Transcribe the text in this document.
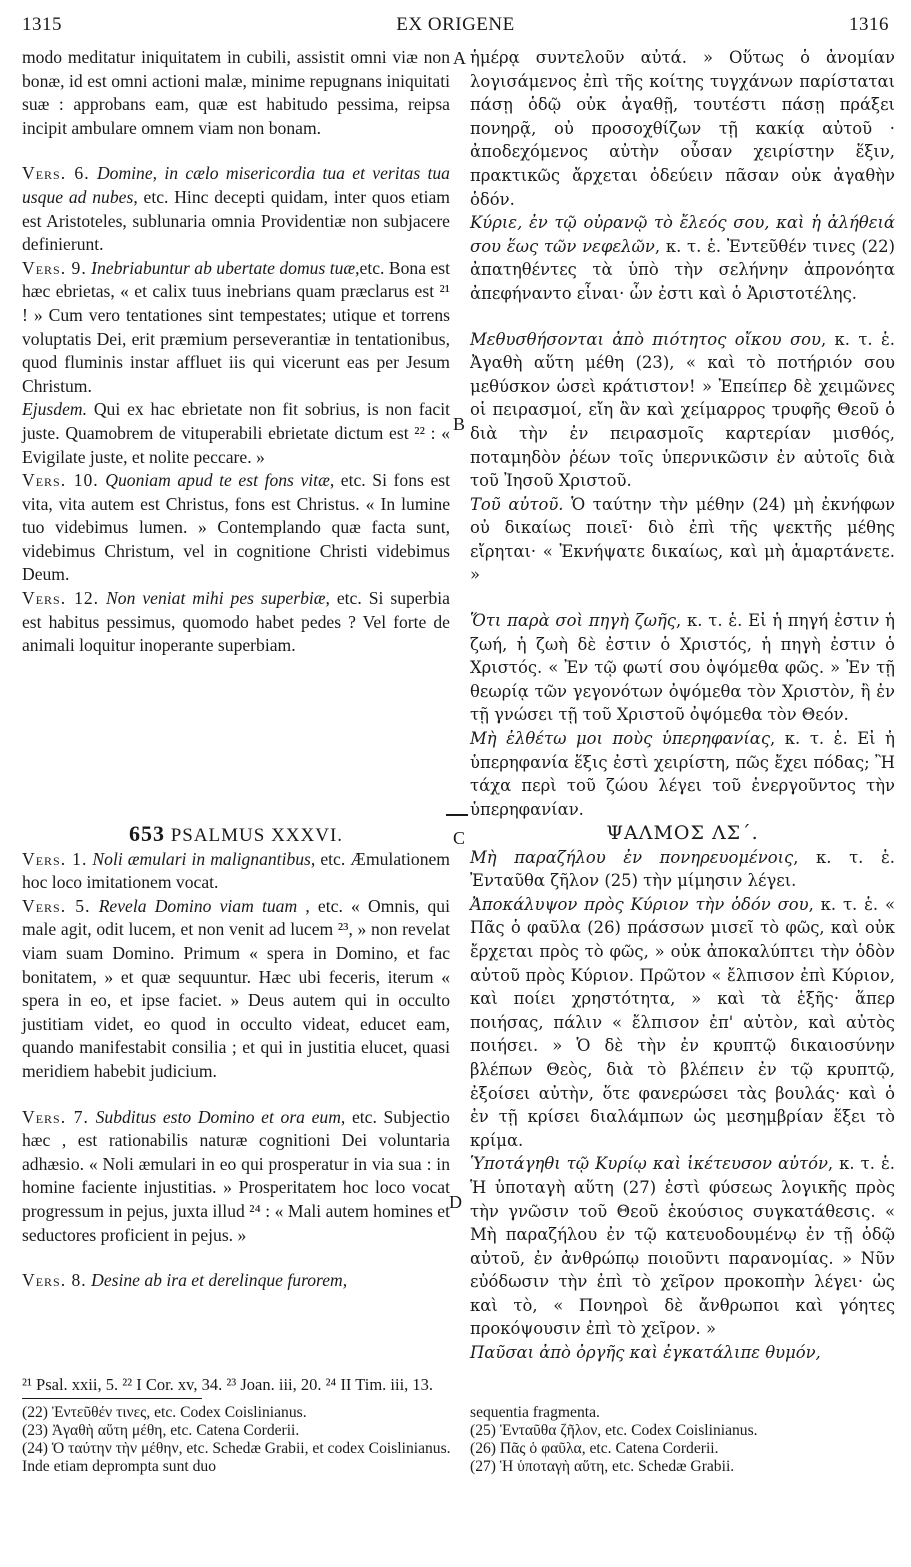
1315	EX ORIGENE	1316
A
B
C
D

modo meditatur iniquitatem in cubili, assistit omni viæ non bonæ, id est omni actioni malæ, minime repugnans iniquitati suæ : approbans eam, quæ est habitudo pessima, reipsa incipit ambulare omnem viam non bonam.

Vers. 6. Domine, in cælo misericordia tua et veritas tua usque ad nubes, etc. Hinc decepti quidam, inter quos etiam est Aristoteles, sublunaria omnia Providentiæ non subjacere definierunt.

Vers. 9. Inebriabuntur ab ubertate domus tuæ,etc. Bona est hæc ebrietas, « et calix tuus inebrians quam præclarus est ²¹ ! » Cum vero tentationes sint tempestates; utique et torrens voluptatis Dei, erit præmium perseverantiæ in tentationibus, quod fluminis instar affluet iis qui vicerunt eas per Jesum Christum.

Ejusdem. Qui ex hac ebrietate non fit sobrius, is non facit juste. Quamobrem de vituperabili ebrietate dictum est ²² : « Evigilate juste, et nolite peccare. »

Vers. 10. Quoniam apud te est fons vitæ, etc. Si fons est vita, vita autem est Christus, fons est Christus. « In lumine tuo videbimus lumen. » Contemplando quæ facta sunt, videbimus Christum, vel in cognitione Christi videbimus Deum.

Vers. 12. Non veniat mihi pes superbiæ, etc. Si superbia est habitus pessimus, quomodo habet pedes ? Vel forte de animali loquitur inoperante superbiam.

653 PSALMUS XXXVI.

Vers. 1. Noli æmulari in malignantibus, etc. Æmulationem hoc loco imitationem vocat.

Vers. 5. Revela Domino viam tuam , etc. « Omnis, qui male agit, odit lucem, et non venit ad lucem ²³, » non revelat viam suam Domino. Primum « spera in Domino, et fac bonitatem, » et quæ sequuntur. Hæc ubi feceris, iterum « spera in eo, et ipse faciet. » Deus autem qui in occulto justitiam videt, eo quod in occulto videat, educet eam, quando manifestabit consilia ; et qui in justitia elucet, quasi meridiem habebit judicium.

Vers. 7. Subditus esto Domino et ora eum, etc. Subjectio hæc , est rationabilis naturæ cognitioni Dei voluntaria adhæsio. « Noli æmulari in eo qui prosperatur in via sua : in homine faciente injustitias. » Prosperitatem hoc loco vocat progressum in pejus, juxta illud ²⁴ : « Mali autem homines et seductores proficient in pejus. »

Vers. 8. Desine ab ira et derelinque furorem,

ἡμέρᾳ συντελοῦν αὐτά. » Οὕτως ὁ ἀνομίαν λογισάμενος ἐπὶ τῆς κοίτης τυγχάνων παρίσταται πάσῃ ὁδῷ οὐκ ἀγαθῇ, τουτέστι πάσῃ πράξει πονηρᾷ, οὐ προσοχθίζων τῇ κακίᾳ αὐτοῦ · ἀποδεχόμενος αὐτὴν οὖσαν χειρίστην ἕξιν, πρακτικῶς ἄρχεται ὁδεύειν πᾶσαν οὐκ ἀγαθὴν ὁδόν.

Κύριε, ἐν τῷ οὐρανῷ τὸ ἔλεός σου, καὶ ἡ ἀλήθειά σου ἕως τῶν νεφελῶν, κ. τ. ἑ. Ἐντεῦθέν τινες (22) ἀπατηθέντες τὰ ὑπὸ τὴν σελήνην ἀπρονόητα ἀπεφήναντο εἶναι· ὧν ἐστι καὶ ὁ Ἀριστοτέλης.

Μεθυσθήσονται ἀπὸ πιότητος οἴκου σου, κ. τ. ἑ. Ἀγαθὴ αὕτη μέθη (23), « καὶ τὸ ποτήριόν σου μεθύσκον ὡσεὶ κράτιστον! » Ἐπείπερ δὲ χειμῶνες οἱ πειρασμοί, εἴη ἂν καὶ χείμαρρος τρυφῆς Θεοῦ ὁ διὰ τὴν ἐν πειρασμοῖς καρτερίαν μισθός, ποταμηδὸν ῥέων τοῖς ὑπερνικῶσιν ἐν αὐτοῖς διὰ τοῦ Ἰησοῦ Χριστοῦ.

Τοῦ αὐτοῦ. Ὁ ταύτην τὴν μέθην (24) μὴ ἐκνήφων οὐ δικαίως ποιεῖ· διὸ ἐπὶ τῆς ψεκτῆς μέθης εἴρηται· « Ἐκνήψατε δικαίως, καὶ μὴ ἁμαρτάνετε. »

Ὅτι παρὰ σοὶ πηγὴ ζωῆς, κ. τ. ἑ. Εἰ ἡ πηγή ἐστιν ἡ ζωή, ἡ ζωὴ δὲ ἐστιν ὁ Χριστός, ἡ πηγὴ ἐστιν ὁ Χριστός. « Ἐν τῷ φωτί σου ὀψόμεθα φῶς. » Ἐν τῇ θεωρίᾳ τῶν γεγονότων ὀψόμεθα τὸν Χριστὸν, ἢ ἐν τῇ γνώσει τῇ τοῦ Χριστοῦ ὀψόμεθα τὸν Θεόν.

Μὴ ἐλθέτω μοι ποὺς ὑπερηφανίας, κ. τ. ἑ. Εἰ ἡ ὑπερηφανία ἕξις ἐστὶ χειρίστη, πῶς ἔχει πόδας; Ἢ τάχα περὶ τοῦ ζώου λέγει τοῦ ἐνεργοῦντος τὴν ὑπερηφανίαν.

ΨΑΛΜΟΣ ΛΣ΄.

Μὴ παραζήλου ἐν πονηρευομένοις, κ. τ. ἑ. Ἐνταῦθα ζῆλον (25) τὴν μίμησιν λέγει.

Ἀποκάλυψον πρὸς Κύριον τὴν ὁδόν σου, κ. τ. ἑ. « Πᾶς ὁ φαῦλα (26) πράσσων μισεῖ τὸ φῶς, καὶ οὐκ ἔρχεται πρὸς τὸ φῶς, » οὐκ ἀποκαλύπτει τὴν ὁδὸν αὐτοῦ πρὸς Κύριον. Πρῶτον « ἔλπισον ἐπὶ Κύριον, καὶ ποίει χρηστότητα, » καὶ τὰ ἑξῆς· ἅπερ ποιήσας, πάλιν « ἔλπισον ἐπ' αὐτὸν, καὶ αὐτὸς ποιήσει. » Ὁ δὲ τὴν ἐν κρυπτῷ δικαιοσύνην βλέπων Θεὸς, διὰ τὸ βλέπειν ἐν τῷ κρυπτῷ, ἐξοίσει αὐτὴν, ὅτε φανερώσει τὰς βουλάς· καὶ ὁ ἐν τῇ κρίσει διαλάμπων ὡς μεσημβρίαν ἕξει τὸ κρίμα.

Ὑποτάγηθι τῷ Κυρίῳ καὶ ἱκέτευσον αὐτόν, κ. τ. ἑ. Ἡ ὑποταγὴ αὕτη (27) ἐστὶ φύσεως λογικῆς πρὸς τὴν γνῶσιν τοῦ Θεοῦ ἑκούσιος συγκατάθεσις. « Μὴ παραζήλου ἐν τῷ κατευοδουμένῳ ἐν τῇ ὁδῷ αὐτοῦ, ἐν ἀνθρώπῳ ποιοῦντι παρανομίας. » Νῦν εὐόδωσιν τὴν ἐπὶ τὸ χεῖρον προκοπὴν λέγει· ὡς καὶ τὸ, « Πονηροὶ δὲ ἄνθρωποι καὶ γόητες προκόψουσιν ἐπὶ τὸ χεῖρον. »

Παῦσαι ἀπὸ ὀργῆς καὶ ἐγκατάλιπε θυμόν,

²¹ Psal. xxii, 5. ²² I Cor. xv, 34. ²³ Joan. iii, 20. ²⁴ II Tim. iii, 13.

(22) Ἐντεῦθέν τινες, etc. Codex Coislinianus.

(23) Ἀγαθὴ αὕτη μέθη, etc. Catena Corderii.

(24) Ὁ ταύτην τὴν μέθην, etc. Schedæ Grabii, et codex Coislinianus. Inde etiam deprompta sunt duo

sequentia fragmenta.

(25) Ἐνταῦθα ζῆλον, etc. Codex Coislinianus.

(26) Πᾶς ὁ φαῦλα, etc. Catena Corderii.

(27) Ἡ ὑποταγὴ αὕτη, etc. Schedæ Grabii.
